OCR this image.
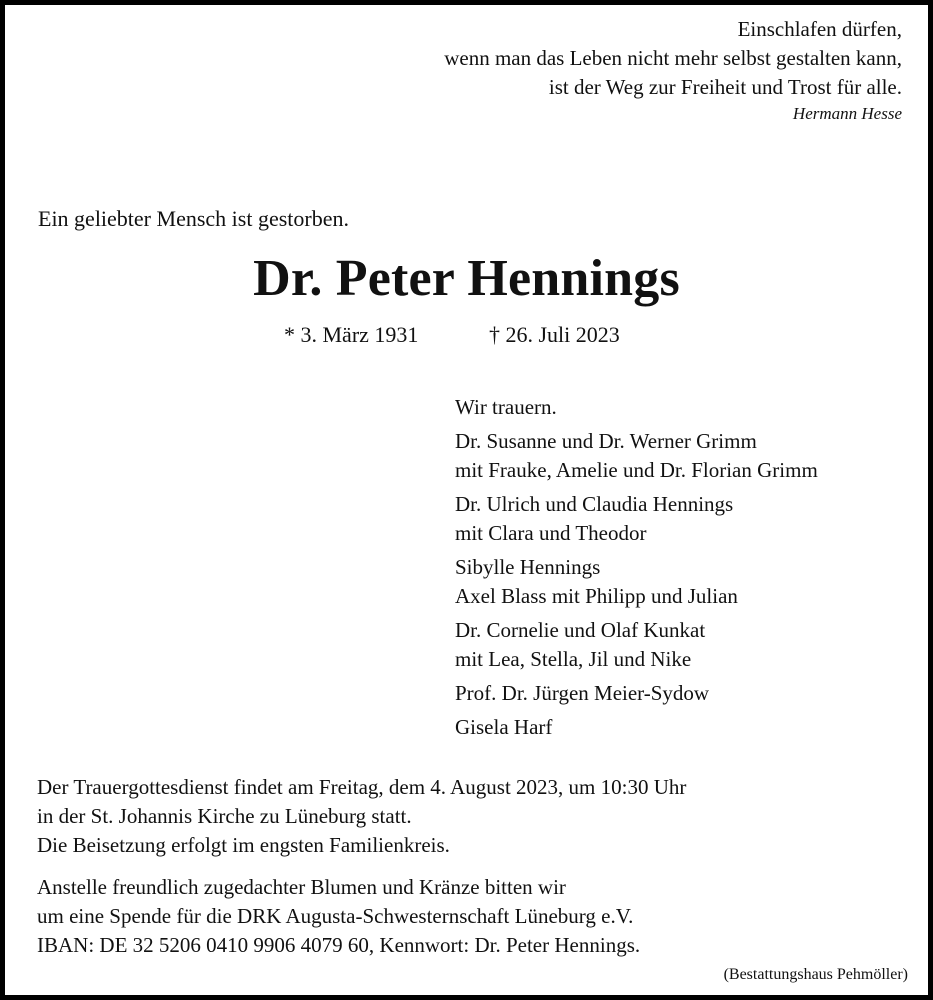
Einschlafen dürfen,
wenn man das Leben nicht mehr selbst gestalten kann,
ist der Weg zur Freiheit und Trost für alle.
Hermann Hesse
Ein geliebter Mensch ist gestorben.
Dr. Peter Hennings
* 3. März 1931	† 26. Juli 2023
Wir trauern.
Dr. Susanne und Dr. Werner Grimm
mit Frauke, Amelie und Dr. Florian Grimm
Dr. Ulrich und Claudia Hennings
mit Clara und Theodor
Sibylle Hennings
Axel Blass mit Philipp und Julian
Dr. Cornelie und Olaf Kunkat
mit Lea, Stella, Jil und Nike
Prof. Dr. Jürgen Meier-Sydow
Gisela Harf
Der Trauergottesdienst findet am Freitag, dem 4. August 2023, um 10:30 Uhr
in der St. Johannis Kirche zu Lüneburg statt.
Die Beisetzung erfolgt im engsten Familienkreis.
Anstelle freundlich zugedachter Blumen und Kränze bitten wir
um eine Spende für die DRK Augusta-Schwesternschaft Lüneburg e.V.
IBAN: DE 32 5206 0410 9906 4079 60, Kennwort: Dr. Peter Hennings.
(Bestattungshaus Pehmöller)
